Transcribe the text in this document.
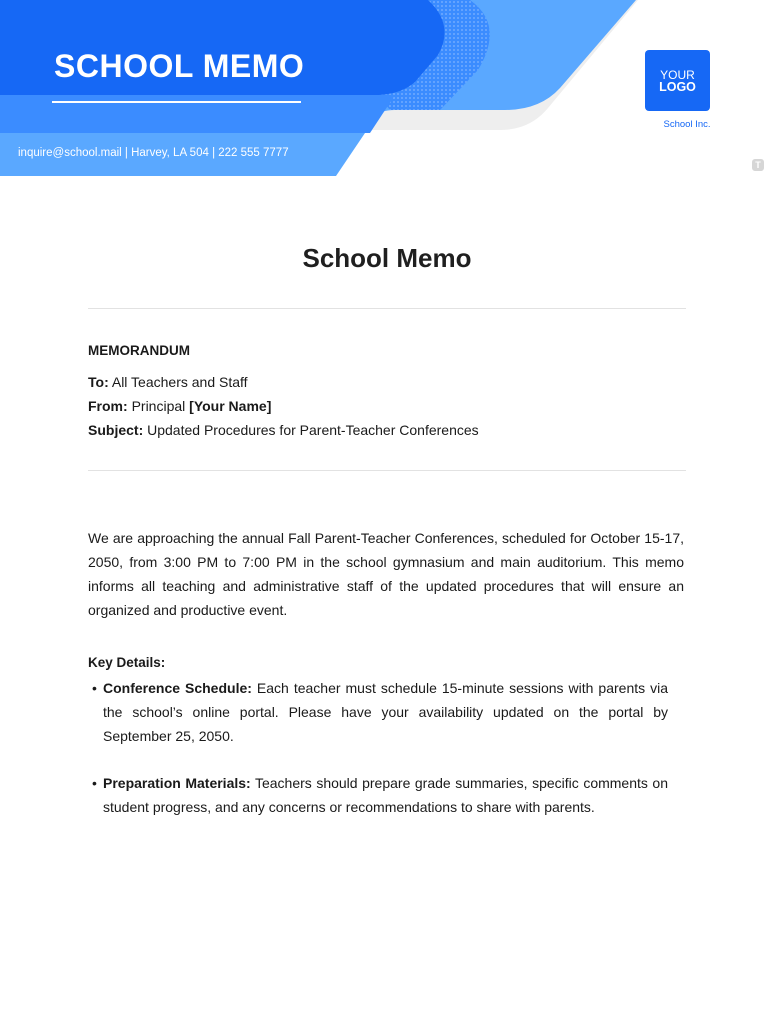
SCHOOL MEMO
inquire@school.mail | Harvey, LA 504 | 222 555 7777
YOUR
LOGO
School Inc.
T
School Memo
MEMORANDUM
To: All Teachers and Staff
From: Principal [Your Name]
Subject: Updated Procedures for Parent-Teacher Conferences
We are approaching the annual Fall Parent-Teacher Conferences, scheduled for October 15-17, 2050, from 3:00 PM to 7:00 PM in the school gymnasium and main auditorium. This memo informs all teaching and administrative staff of the updated procedures that will ensure an organized and productive event.
Key Details:
• Conference Schedule: Each teacher must schedule 15-minute sessions with parents via the school’s online portal. Please have your availability updated on the portal by September 25, 2050.
• Preparation Materials: Teachers should prepare grade summaries, specific comments on student progress, and any concerns or recommendations to share with parents.
